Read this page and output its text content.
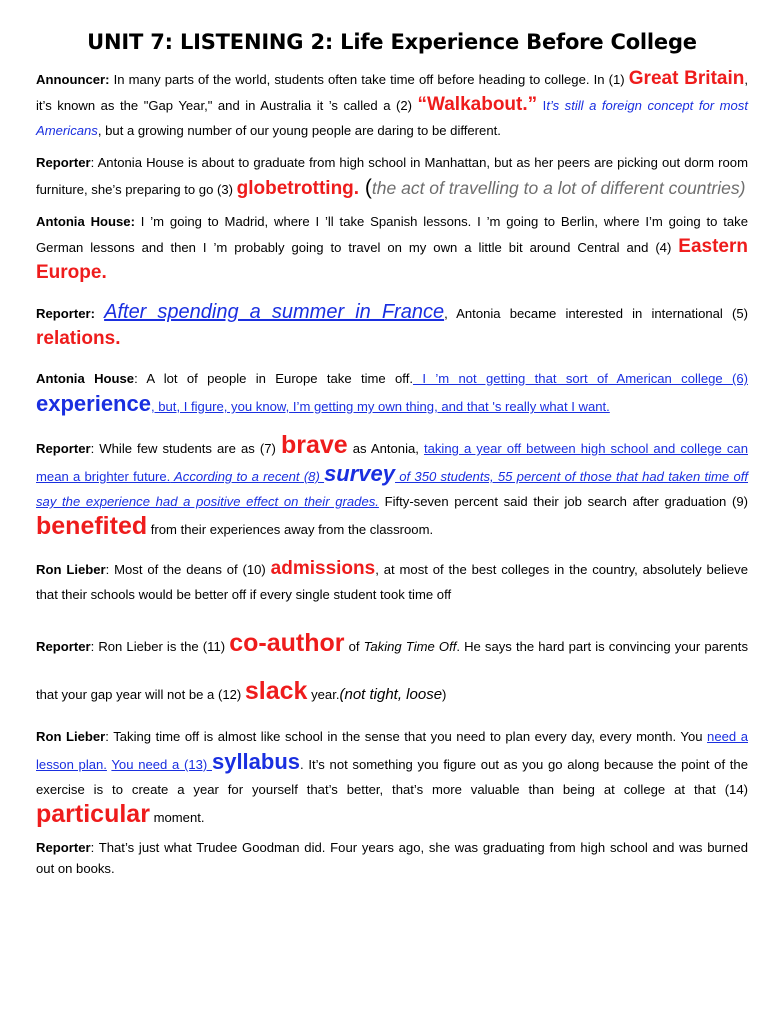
UNIT 7: LISTENING 2: Life Experience Before College

Announcer: In many parts of the world, students often take time off before heading to college. In (1) Great Britain, it’s known as the "Gap Year," and in Australia it ’s called a (2) “Walkabout.” It’s still a foreign concept for most Americans, but a growing number of our young people are daring to be different.

Reporter: Antonia House is about to graduate from high school in Manhattan, but as her peers are picking out dorm room furniture, she’s preparing to go (3) globetrotting. (the act of travelling to a lot of different countries)

Antonia House: I ’m going to Madrid, where I ’ll take Spanish lessons. I ’m going to Berlin, where I’m going to take German lessons and then I ’m probably going to travel on my own a little bit around Central and (4) Eastern Europe.

Reporter: After spending a summer in France, Antonia became interested in international (5) relations.

Antonia House: A lot of people in Europe take time off. I ’m not getting that sort of American college (6) experience, but, I figure, you know, I’m getting my own thing, and that 's really what I want.

Reporter: While few students are as (7) brave as Antonia, taking a year off between high school and college can mean a brighter future. According to a recent (8) survey of 350 students, 55 percent of those that had taken time off say the experience had a positive effect on their grades. Fifty-seven percent said their job search after graduation (9) benefited from their experiences away from the classroom.

Ron Lieber: Most of the deans of (10) admissions, at most of the best colleges in the country, absolutely believe that their schools would be better off if every single student took time off

Reporter: Ron Lieber is the (11) co-author of Taking Time Off. He says the hard part is convincing your parents that your gap year will not be a (12) slack year.(not tight, loose)

Ron Lieber: Taking time off is almost like school in the sense that you need to plan every day, every month. You need a lesson plan. You need a (13) syllabus. It’s not something you figure out as you go along because the point of the exercise is to create a year for yourself that’s better, that’s more valuable than being at college at that (14) particular moment.

Reporter: That’s just what Trudee Goodman did. Four years ago, she was graduating from high school and was burned out on books.
